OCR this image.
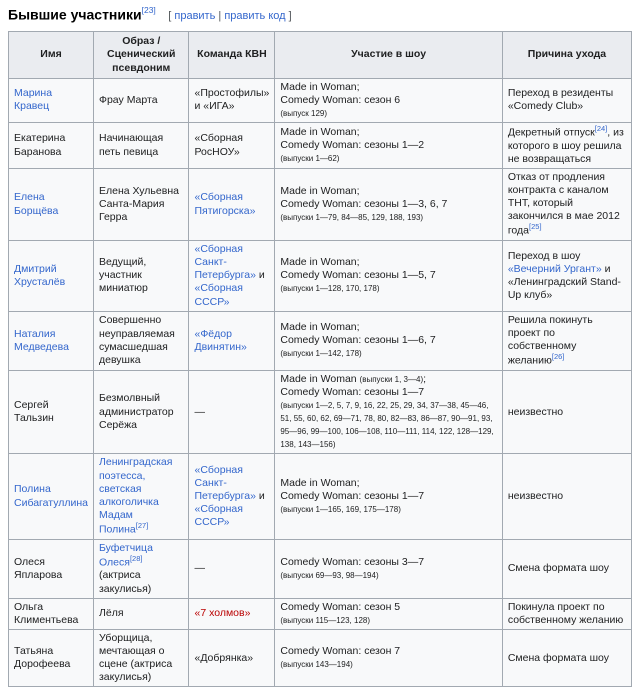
Бывшие участники[23] [ править | править код ]
Имя	Образ / Сценический псевдоним	Команда КВН	Участие в шоу	Причина ухода
Марина Кравец	Фрау Марта	«Простофилы» и «ИГА»	Made in Woman;
Comedy Woman: сезон 6
(выпуск 129)	Переход в резиденты «Comedy Club»
Екатерина Баранова	Начинающая петь певица	«Сборная РосНОУ»	Made in Woman;
Comedy Woman: сезоны 1—2
(выпуски 1—62)	Декретный отпуск[24], из которого в шоу решила не возвращаться
Елена Борщёва	Елена Хульевна Санта-Мария Герра	«Сборная Пятигорска»	Made in Woman;
Comedy Woman: сезоны 1—3, 6, 7
(выпуски 1—79, 84—85, 129, 188, 193)	Отказ от продления контракта с каналом ТНТ, который закончился в мае 2012 года[25]
Дмитрий Хрусталёв	Ведущий, участник миниатюр	«Сборная Санкт-Петербурга» и «Сборная СССР»	Made in Woman;
Comedy Woman: сезоны 1—5, 7
(выпуски 1—128, 170, 178)	Переход в шоу «Вечерний Ургант» и «Ленинградский Stand-Up клуб»
Наталия Медведева	Совершенно неуправляемая сумасшедшая девушка	«Фёдор Двинятин»	Made in Woman;
Comedy Woman: сезоны 1—6, 7
(выпуски 1—142, 178)	Решила покинуть проект по собственному желанию[26]
Сергей Тальзин	Безмолвный администратор Серёжа	—	Made in Woman (выпуски 1, 3—4);
Comedy Woman: сезоны 1—7
(выпуски 1—2, 5, 7, 9, 16, 22, 25, 29, 34, 37—38, 45—46, 51, 55, 60, 62, 69—71, 78, 80, 82—83, 86—87, 90—91, 93, 95—96, 99—100, 106—108, 110—111, 114, 122, 128—129, 138, 143—156)	неизвестно
Полина Сибагатуллина	Ленинградская поэтесса, светская алкоголичка Мадам Полина[27]	«Сборная Санкт-Петербурга» и «Сборная СССР»	Made in Woman;
Comedy Woman: сезоны 1—7
(выпуски 1—165, 169, 175—178)	неизвестно
Олеся Япларова	Буфетчица Олеся[28]
(актриса закулисья)	—	Comedy Woman: сезоны 3—7
(выпуски 69—93, 98—194)	Смена формата шоу
Ольга Климентьева	Лёля	«7 холмов»	Comedy Woman: сезон 5
(выпуски 115—123, 128)	Покинула проект по собственному желанию
Татьяна Дорофеева	Уборщица, мечтающая о сцене (актриса закулисья)	«Добрянка»	Comedy Woman: сезон 7
(выпуски 143—194)	Смена формата шоу
